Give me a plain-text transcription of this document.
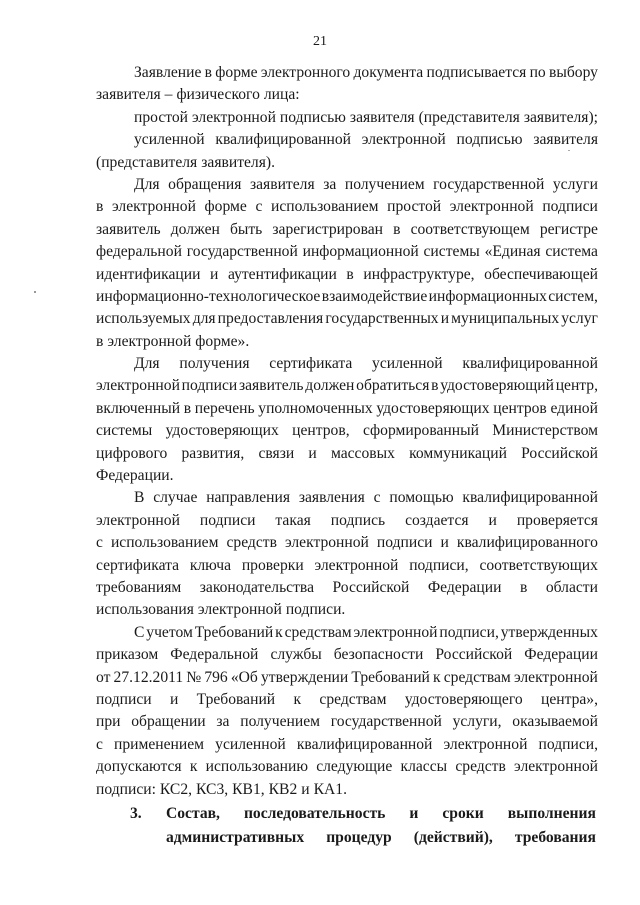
21
Заявление в форме электронного документа подписывается по выбору
заявителя – физического лица:
простой электронной подписью заявителя (представителя заявителя);
усиленной квалифицированной электронной подписью заявителя
(представителя заявителя).
Для обращения заявителя за получением государственной услуги
в электронной форме с использованием простой электронной подписи
заявитель должен быть зарегистрирован в соответствующем регистре
федеральной государственной информационной системы «Единая система
идентификации и аутентификации в инфраструктуре, обеспечивающей
информационно-технологическое взаимодействие информационных систем,
используемых для предоставления государственных и муниципальных услуг
в электронной форме».
Для получения сертификата усиленной квалифицированной
электронной подписи заявитель должен обратиться в удостоверяющий центр,
включенный в перечень уполномоченных удостоверяющих центров единой
системы удостоверяющих центров, сформированный Министерством
цифрового развития, связи и массовых коммуникаций Российской
Федерации.
В случае направления заявления с помощью квалифицированной
электронной подписи такая подпись создается и проверяется
с использованием средств электронной подписи и квалифицированного
сертификата ключа проверки электронной подписи, соответствующих
требованиям законодательства Российской Федерации в области
использования электронной подписи.
С учетом Требований к средствам электронной подписи, утвержденных
приказом Федеральной службы безопасности Российской Федерации
от 27.12.2011 № 796 «Об утверждении Требований к средствам электронной
подписи и Требований к средствам удостоверяющего центра»,
при обращении за получением государственной услуги, оказываемой
с применением усиленной квалифицированной электронной подписи,
допускаются к использованию следующие классы средств электронной
подписи: КС2, КС3, КВ1, КВ2 и КА1.
3. Состав, последовательность и сроки выполнения
административных процедур (действий), требования
